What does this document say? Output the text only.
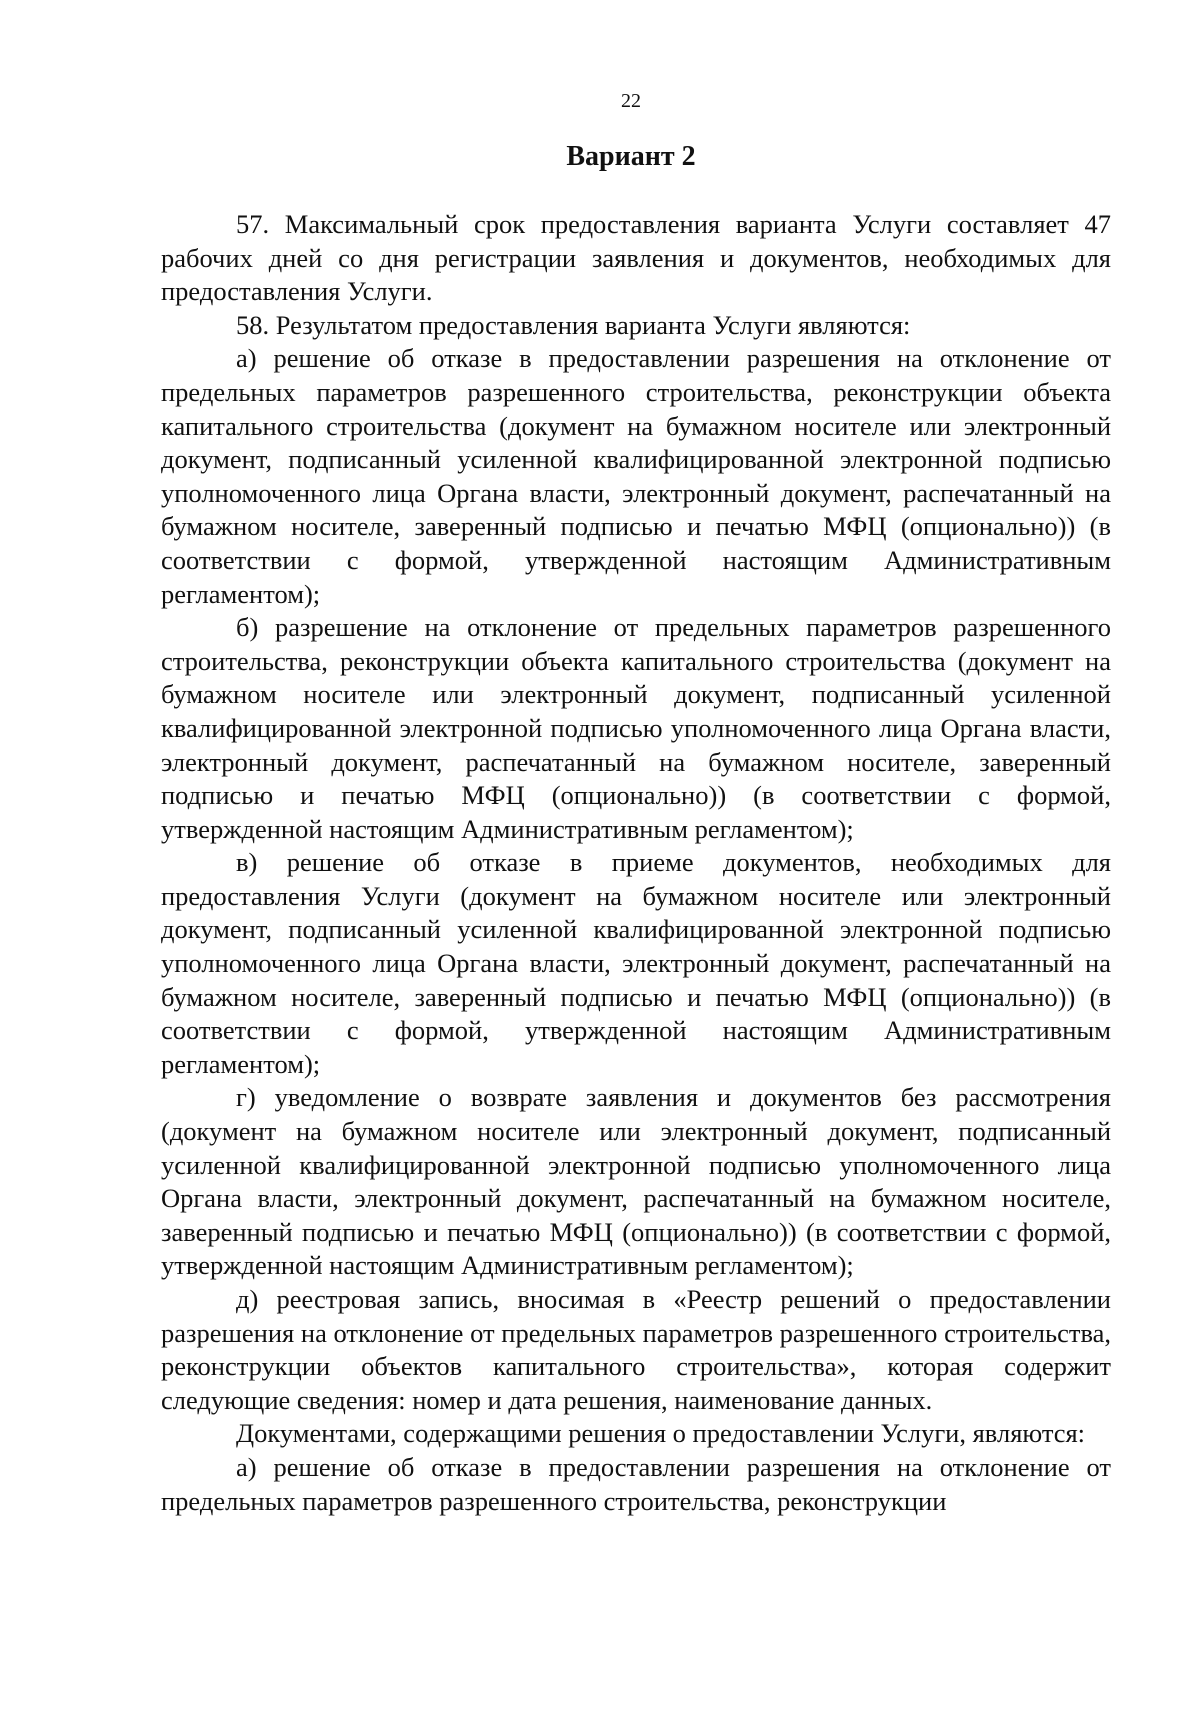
22
Вариант 2

57. Максимальный срок предоставления варианта Услуги составляет 47 рабочих дней со дня регистрации заявления и документов, необходимых для предоставления Услуги.

58. Результатом предоставления варианта Услуги являются:

а) решение об отказе в предоставлении разрешения на отклонение от предельных параметров разрешенного строительства, реконструкции объекта капитального строительства (документ на бумажном носителе или электронный документ, подписанный усиленной квалифицированной электронной подписью уполномоченного лица Органа власти, электронный документ, распечатанный на бумажном носителе, заверенный подписью и печатью МФЦ (опционально)) (в соответствии с формой, утвержденной настоящим Административным регламентом);

б) разрешение на отклонение от предельных параметров разрешенного строительства, реконструкции объекта капитального строительства (документ на бумажном носителе или электронный документ, подписанный усиленной квалифицированной электронной подписью уполномоченного лица Органа власти, электронный документ, распечатанный на бумажном носителе, заверенный подписью и печатью МФЦ (опционально)) (в соответствии с формой, утвержденной настоящим Административным регламентом);

в) решение об отказе в приеме документов, необходимых для предоставления Услуги (документ на бумажном носителе или электронный документ, подписанный усиленной квалифицированной электронной подписью уполномоченного лица Органа власти, электронный документ, распечатанный на бумажном носителе, заверенный подписью и печатью МФЦ (опционально)) (в соответствии с формой, утвержденной настоящим Административным регламентом);

г) уведомление о возврате заявления и документов без рассмотрения (документ на бумажном носителе или электронный документ, подписанный усиленной квалифицированной электронной подписью уполномоченного лица Органа власти, электронный документ, распечатанный на бумажном носителе, заверенный подписью и печатью МФЦ (опционально)) (в соответствии с формой, утвержденной настоящим Административным регламентом);

д) реестровая запись, вносимая в «Реестр решений о предоставлении разрешения на отклонение от предельных параметров разрешенного строительства, реконструкции объектов капитального строительства», которая содержит следующие сведения: номер и дата решения, наименование данных.

Документами, содержащими решения о предоставлении Услуги, являются:

а) решение об отказе в предоставлении разрешения на отклонение от предельных параметров разрешенного строительства, реконструкции
